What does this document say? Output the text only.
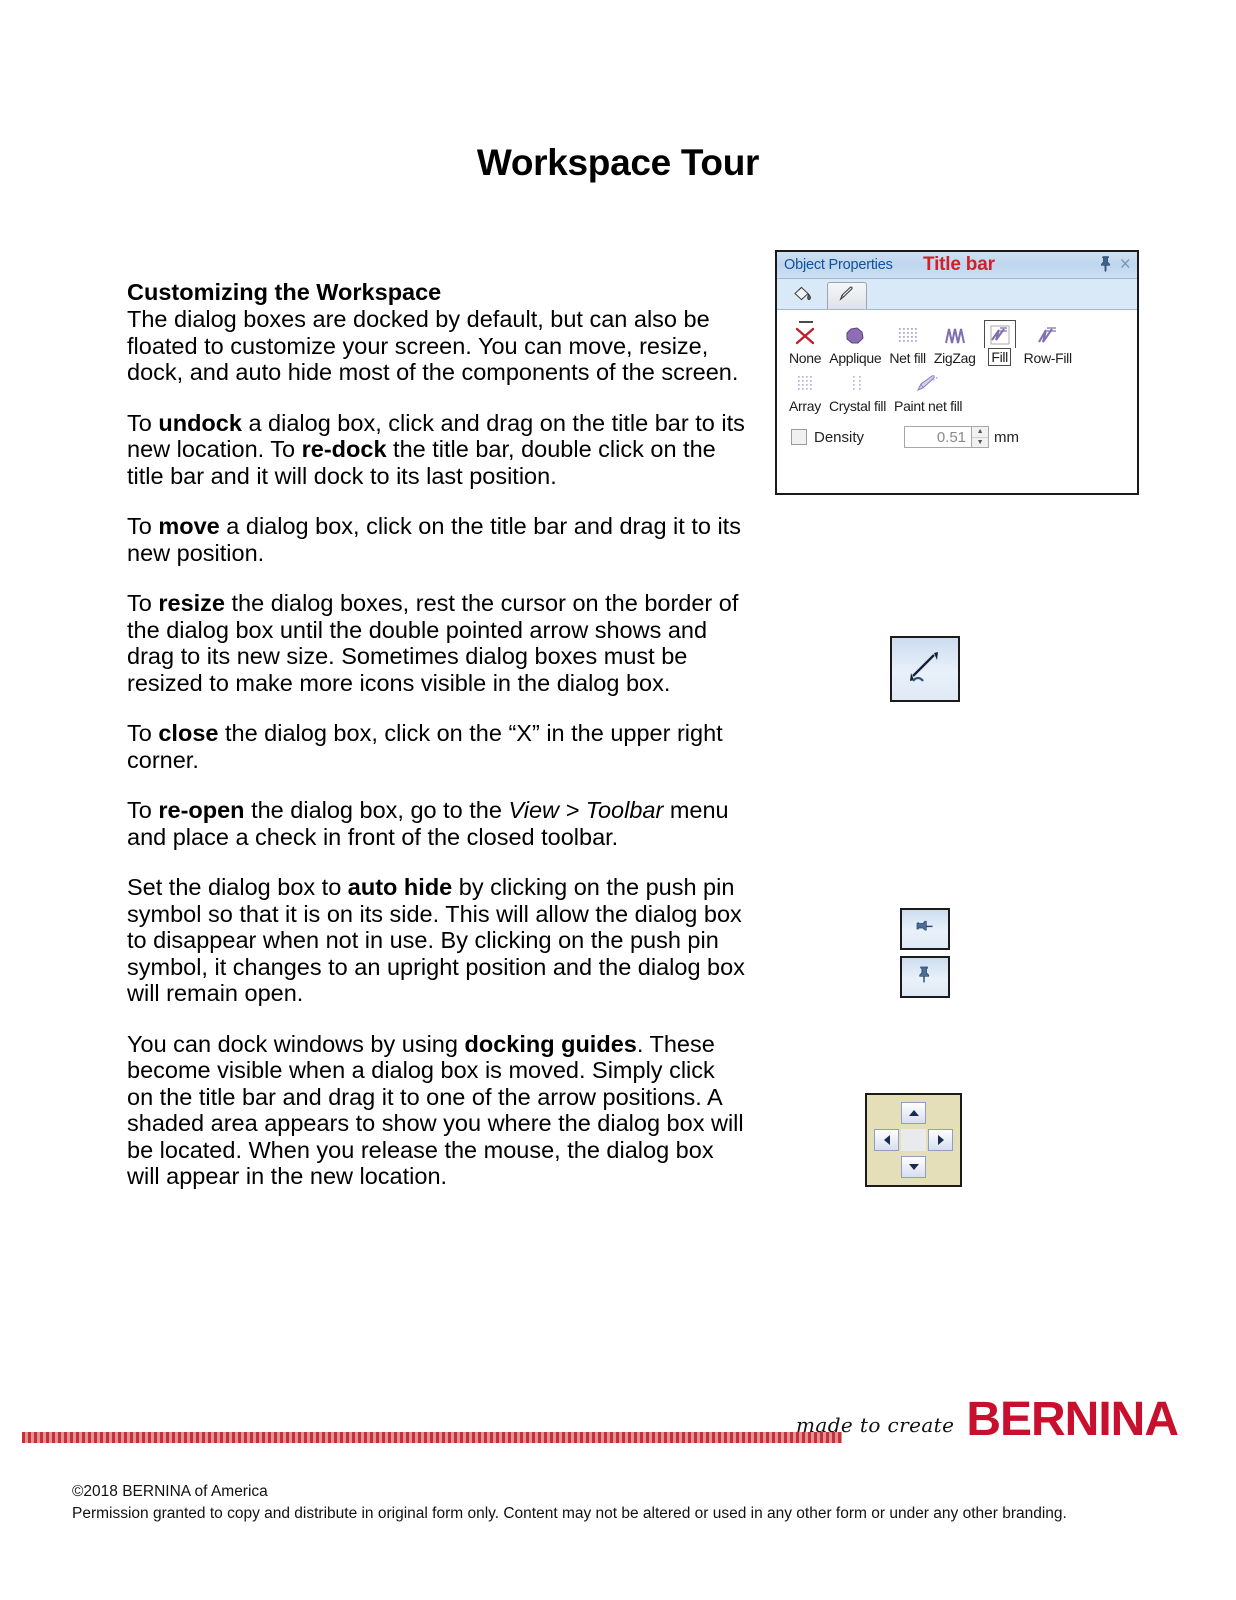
Workspace Tour
Customizing the Workspace
The dialog boxes are docked by default, but can also be floated to customize your screen. You can move, resize, dock, and auto hide most of the components of the screen.

To undock a dialog box, click and drag on the title bar to its new location. To re-dock the title bar, double click on the title bar and it will dock to its last position.

To move a dialog box, click on the title bar and drag it to its new position.

To resize the dialog boxes, rest the cursor on the border of the dialog box until the double pointed arrow shows and drag to its new size. Sometimes dialog boxes must be resized to make more icons visible in the dialog box.

To close the dialog box, click on the “X” in the upper right corner.

To re-open the dialog box, go to the View > Toolbar menu and place a check in front of the closed toolbar.

Set the dialog box to auto hide by clicking on the push pin symbol so that it is on its side. This will allow the dialog box to disappear when not in use. By clicking on the push pin symbol, it changes to an upright position and the dialog box will remain open.

You can dock windows by using docking guides. These become visible when a dialog box is moved. Simply click on the title bar and drag it to one of the arrow positions. A shaded area appears to show you where the dialog box will be located. When you release the mouse, the dialog box will appear in the new location.

Object Properties Title bar
None Applique Net fill ZigZag Fill Row-Fill
Array Crystal fill Paint net fill
Density	0.51	▲
▼ mm
made to create BERNINA
©2018 BERNINA of America
Permission granted to copy and distribute in original form only. Content may not be altered or used in any other form or under any other branding.
